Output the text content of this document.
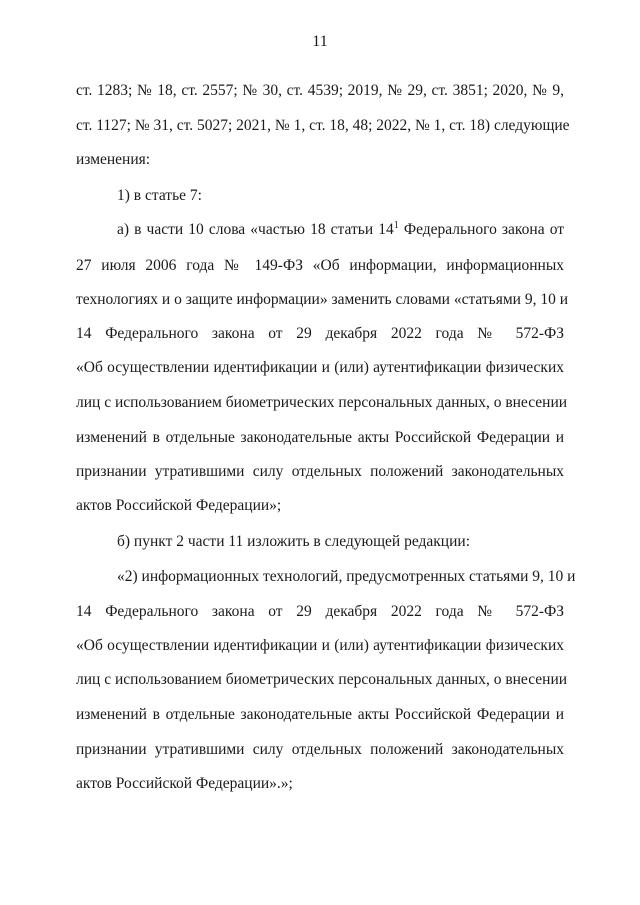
11
ст. 1283; № 18, ст. 2557; № 30, ст. 4539; 2019, № 29, ст. 3851; 2020, № 9,
ст. 1127; № 31, ст. 5027; 2021, № 1, ст. 18, 48; 2022, № 1, ст. 18) следующие
изменения:
1) в статье 7:
а) в части 10 слова «частью 18 статьи $14^1$ Федерального закона от
27 июля 2006 года № 149-ФЗ «Об информации, информационных
технологиях и о защите информации» заменить словами «статьями 9, 10 и
14 Федерального закона от 29 декабря 2022 года № 572-ФЗ
«Об осуществлении идентификации и (или) аутентификации физических
лиц с использованием биометрических персональных данных, о внесении
изменений в отдельные законодательные акты Российской Федерации и
признании утратившими силу отдельных положений законодательных
актов Российской Федерации»;
б) пункт 2 части 11 изложить в следующей редакции:
«2) информационных технологий, предусмотренных статьями 9, 10 и
14 Федерального закона от 29 декабря 2022 года № 572-ФЗ
«Об осуществлении идентификации и (или) аутентификации физических
лиц с использованием биометрических персональных данных, о внесении
изменений в отдельные законодательные акты Российской Федерации и
признании утратившими силу отдельных положений законодательных
актов Российской Федерации».»;
